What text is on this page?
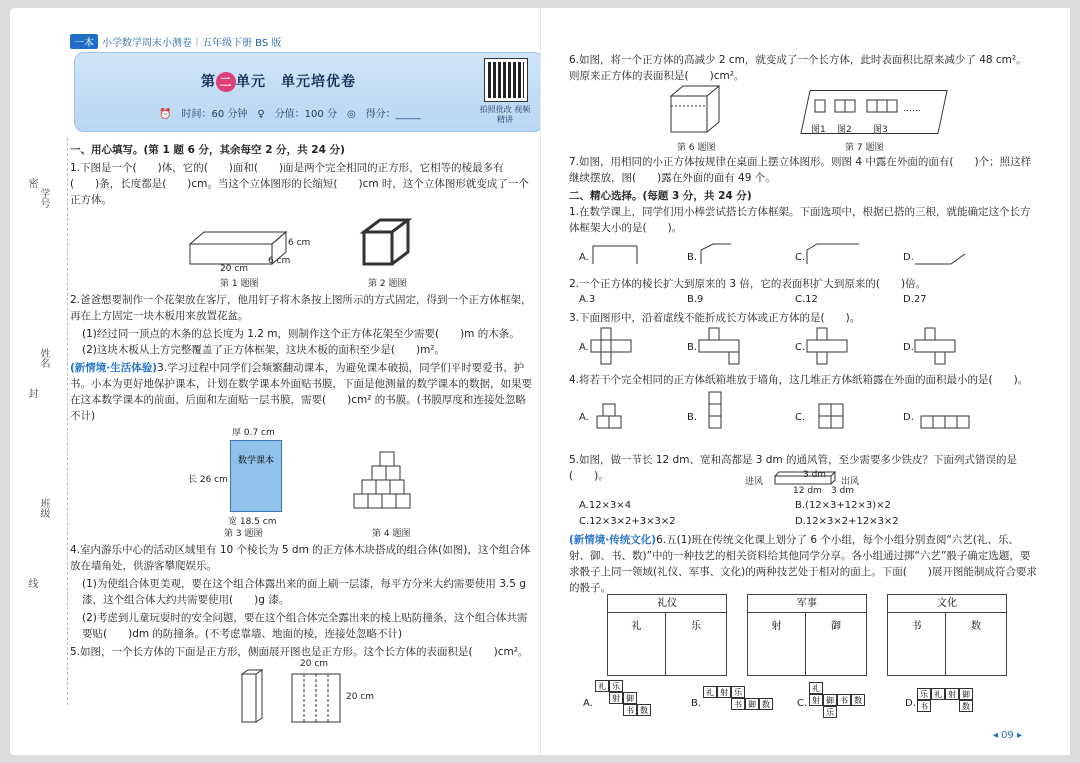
一本 小学数学周末小测卷｜五年级下册 BS 版
第 二 单元　 单元培优卷
⏰ 时间：60 分钟 ♀ 分值：100 分 ◎ 得分：_____	拍照批改 视频精讲
学号
密
姓名
封
班级
线
一、用心填写。(第 1 题 6 分，其余每空 2 分，共 24 分)
1.下图是一个(　　)体，它的(　　)面和(　　)面是两个完全相同的正方形，它相等的棱最多有(　　)条，长度都是(　　)cm。当这个立体图形的长缩短(　　)cm 时，这个立体图形就变成了一个正方体。
6 cm
6 cm
20 cm
第 1 题图	第 2 题图
2.爸爸想要制作一个花架放在客厅，他用钉子将木条按上图所示的方式固定，得到一个正方体框架，再在上方固定一块木板用来放置花盆。
(1)经过同一顶点的木条的总长度为 1.2 m，则制作这个正方体花架至少需要(　　)m 的木条。
(2)这块木板从上方完整覆盖了正方体框架，这块木板的面积至少是(　　)m²。
(新情境·生活体验)3.学习过程中同学们会频繁翻动课本，为避免课本破损，同学们平时要爱书、护书。小本为更好地保护课本，计划在数学课本外面贴书膜，下面是他测量的数学课本的数据，如果要在这本数学课本的前面、后面和左面贴一层书膜，需要(　　)cm² 的书膜。(书膜厚度和连接处忽略不计)
厚 0.7 cm
数学课本
长 26 cm
宽 18.5 cm
第 3 题图	第 4 题图
4.室内游乐中心的活动区域里有 10 个棱长为 5 dm 的正方体木块搭成的组合体(如图)，这个组合体放在墙角处，供游客攀爬娱乐。
(1)为使组合体更美观，要在这个组合体露出来的面上刷一层漆，每平方分米大约需要使用 3.5 g 漆，这个组合体大约共需要使用(　　)g 漆。
(2)考虑到儿童玩耍时的安全问题，要在这个组合体完全露出来的棱上贴防撞条，这个组合体共需要贴(　　)dm 的防撞条。(不考虑靠墙、地面的棱，连接处忽略不计)
5.如图，一个长方体的下面是正方形，侧面展开图也是正方形。这个长方体的表面积是(　　)cm²。
20 cm
20 cm
6.如图，将一个正方体的高减少 2 cm，就变成了一个长方体，此时表面积比原来减少了 48 cm²。则原来正方体的表面积是(　　)cm²。
第 6 题图
图1 图2 图3
……
第 7 题图
7.如图，用相同的小正方体按规律在桌面上摆立体图形。则图 4 中露在外面的面有(　　)个；照这样继续摆放，图(　　)露在外面的面有 49 个。
二、精心选择。(每题 3 分，共 24 分)
1.在数学课上，同学们用小棒尝试搭长方体框架。下面选项中，根据已搭的三根，就能确定这个长方体框架大小的是(　　)。
A.	B.	C.	D.
2.一个正方体的棱长扩大到原来的 3 倍，它的表面积扩大到原来的(　　)倍。
A.3	B.9	C.12	D.27
3.下面图形中，沿着虚线不能折成长方体或正方体的是(　　)。
A.	B.	C.	D.
4.将若干个完全相同的正方体纸箱堆放于墙角，这几堆正方体纸箱露在外面的面积最小的是(　　)。
A.	B.	C.	D.
5.如图，做一节长 12 dm、宽和高都是 3 dm 的通风管，至少需要多少铁皮？下面列式错误的是(　　)。	进风
3 dm
出风
12 dm 3 dm
A.12×3×4	B.(12×3+12×3)×2
C.12×3×2+3×3×2	D.12×3×2+12×3×2
(新情境·传统文化)6.五(1)班在传统文化课上划分了 6 个小组，每个小组分别查阅“六艺(礼、乐、射、御、书、数)”中的一种技艺的相关资料给其他同学分享。各小组通过掷“六艺”骰子确定选题，要求骰子上同一领域(礼仪、军事、文化)的两种技艺处于相对的面上。下面(　　)展开图能制成符合要求的骰子。
礼仪
礼	乐
军事
射	御
文化
书	数
A.
礼 乐
射 御
书 数
B.
礼 射 乐
书 御 数	C.
礼
射 御 书 数
乐
D.
乐 礼 射 御
书	数
◂ 09 ▸
